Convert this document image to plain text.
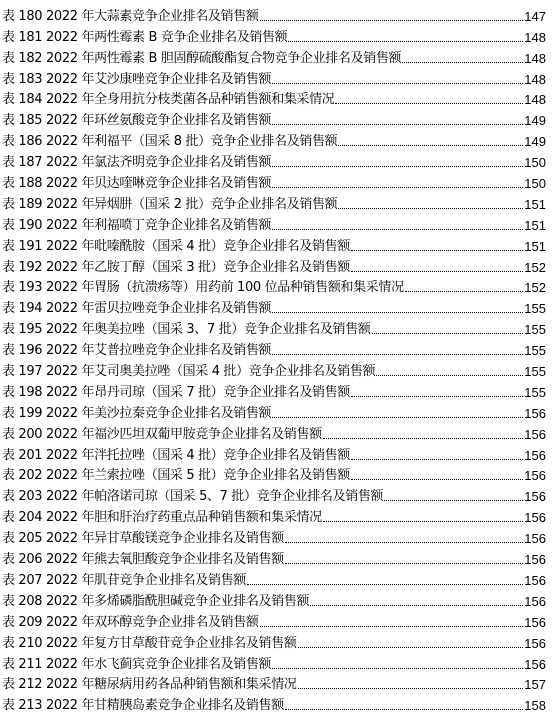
表 180 2022 年大蒜素竞争企业排名及销售额	147
表 181 2022 年两性霉素 B 竞争企业排名及销售额	148
表 182 2022 年两性霉素 B 胆固醇硫酸酯复合物竞争企业排名及销售额	148
表 183 2022 年艾沙康唑竞争企业排名及销售额	148
表 184 2022 年全身用抗分枝类菌各品种销售额和集采情况	148
表 185 2022 年环丝氨酸竞争企业排名及销售额	149
表 186 2022 年利福平（国采 8 批）竞争企业排名及销售额	149
表 187 2022 年氯法齐明竞争企业排名及销售额	150
表 188 2022 年贝达喹啉竞争企业排名及销售额	150
表 189 2022 年异烟肼（国采 2 批）竞争企业排名及销售额	151
表 190 2022 年利福喷丁竞争企业排名及销售额	151
表 191 2022 年吡嗪酰胺（国采 4 批）竞争企业排名及销售额	151
表 192 2022 年乙胺丁醇（国采 3 批）竞争企业排名及销售额	152
表 193 2022 年胃肠（抗溃疡等）用药前 100 位品种销售额和集采情况	152
表 194 2022 年雷贝拉唑竞争企业排名及销售额	155
表 195 2022 年奥美拉唑（国采 3、7 批）竞争企业排名及销售额	155
表 196 2022 年艾普拉唑竞争企业排名及销售额	155
表 197 2022 年艾司奥美拉唑（国采 4 批）竞争企业排名及销售额	155
表 198 2022 年昂丹司琼（国采 7 批）竞争企业排名及销售额	155
表 199 2022 年美沙拉秦竞争企业排名及销售额	156
表 200 2022 年福沙匹坦双葡甲胺竞争企业排名及销售额	156
表 201 2022 年泮托拉唑（国采 4 批）竞争企业排名及销售额	156
表 202 2022 年兰索拉唑（国采 5 批）竞争企业排名及销售额	156
表 203 2022 年帕洛诺司琼（国采 5、7 批）竞争企业排名及销售额	156
表 204 2022 年胆和肝治疗药重点品种销售额和集采情况	156
表 205 2022 年异甘草酸镁竞争企业排名及销售额	156
表 206 2022 年熊去氧胆酸竞争企业排名及销售额	156
表 207 2022 年肌苷竞争企业排名及销售额	156
表 208 2022 年多烯磷脂酰胆碱竞争企业排名及销售额	156
表 209 2022 年双环醇竞争企业排名及销售额	156
表 210 2022 年复方甘草酸苷竞争企业排名及销售额	156
表 211 2022 年水飞蓟宾竞争企业排名及销售额	156
表 212 2022 年糖尿病用药各品种销售额和集采情况	157
表 213 2022 年甘精胰岛素竞争企业排名及销售额	158
